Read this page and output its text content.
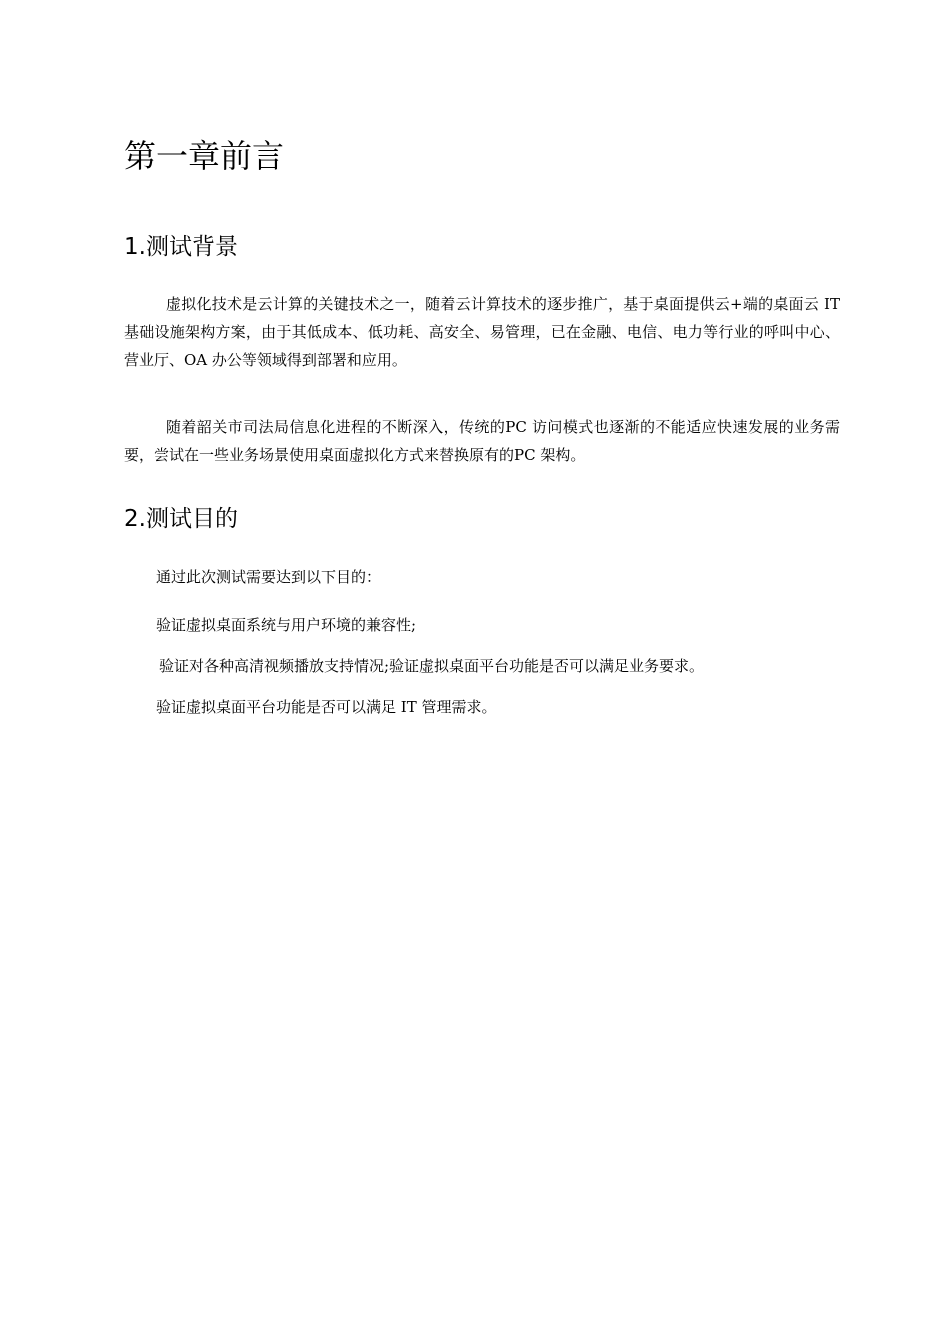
第一章前言
1.测试背景

虚拟化技术是云计算的关键技术之一，随着云计算技术的逐步推广，基于桌面提供云+端的桌面云 IT 基础设施架构方案，由于其低成本、低功耗、高安全、易管理，已在金融、电信、电力等行业的呼叫中心、营业厅、OA 办公等领域得到部署和应用。

随着韶关市司法局信息化进程的不断深入，传统的PC 访问模式也逐渐的不能适应快速发展的业务需要，尝试在一些业务场景使用桌面虚拟化方式来替换原有的PC 架构。

2.测试目的

通过此次测试需要达到以下目的：

验证虚拟桌面系统与用户环境的兼容性;

验证对各种高清视频播放支持情况;验证虚拟桌面平台功能是否可以满足业务要求。

验证虚拟桌面平台功能是否可以满足 IT 管理需求。
